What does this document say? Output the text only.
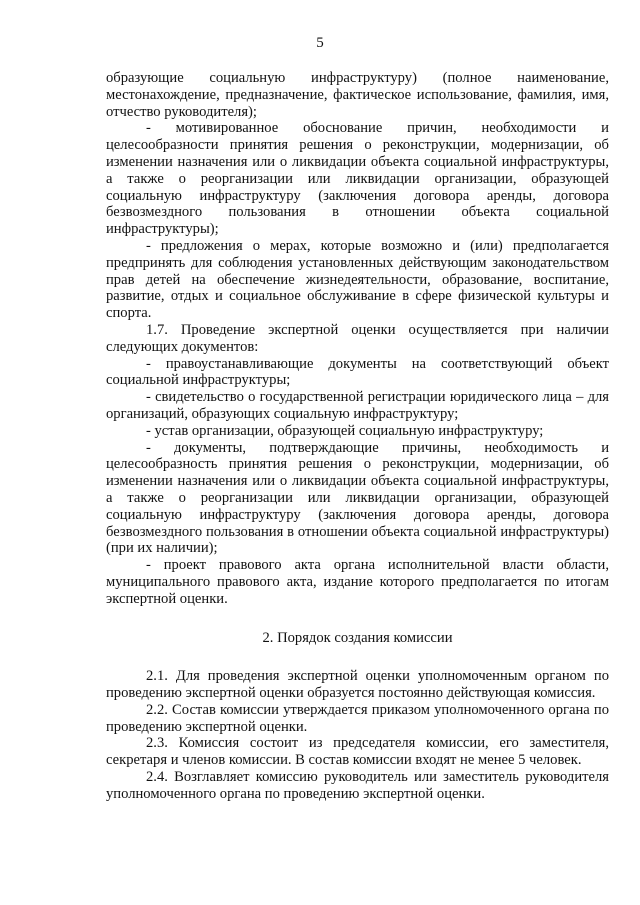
5

образующие социальную инфраструктуру) (полное наименование, местонахождение, предназначение, фактическое использование, фамилия, имя, отчество руководителя);

- мотивированное обоснование причин, необходимости и целесообразности принятия решения о реконструкции, модернизации, об изменении назначения или о ликвидации объекта социальной инфраструктуры, а также о реорганизации или ликвидации организации, образующей социальную инфраструктуру (заключения договора аренды, договора безвозмездного пользования в отношении объекта социальной инфраструктуры);

- предложения о мерах, которые возможно и (или) предполагается предпринять для соблюдения установленных действующим законодательством прав детей на обеспечение жизнедеятельности, образование, воспитание, развитие, отдых и социальное обслуживание в сфере физической культуры и спорта.

1.7. Проведение экспертной оценки осуществляется при наличии следующих документов:

- правоустанавливающие документы на соответствующий объект социальной инфраструктуры;

- свидетельство о государственной регистрации юридического лица – для организаций, образующих социальную инфраструктуру;

- устав организации, образующей социальную инфраструктуру;

- документы, подтверждающие причины, необходимость и целесообразность принятия решения о реконструкции, модернизации, об изменении назначения или о ликвидации объекта социальной инфраструктуры, а также о реорганизации или ликвидации организации, образующей социальную инфраструктуру (заключения договора аренды, договора безвозмездного пользования в отношении объекта социальной инфраструктуры) (при их наличии);

- проект правового акта органа исполнительной власти области, муниципального правового акта, издание которого предполагается по итогам экспертной оценки.

2. Порядок создания комиссии

2.1. Для проведения экспертной оценки уполномоченным органом по проведению экспертной оценки образуется постоянно действующая комиссия.

2.2. Состав комиссии утверждается приказом уполномоченного органа по проведению экспертной оценки.

2.3. Комиссия состоит из председателя комиссии, его заместителя, секретаря и членов комиссии. В состав комиссии входят не менее 5 человек.

2.4. Возглавляет комиссию руководитель или заместитель руководителя уполномоченного органа по проведению экспертной оценки.
